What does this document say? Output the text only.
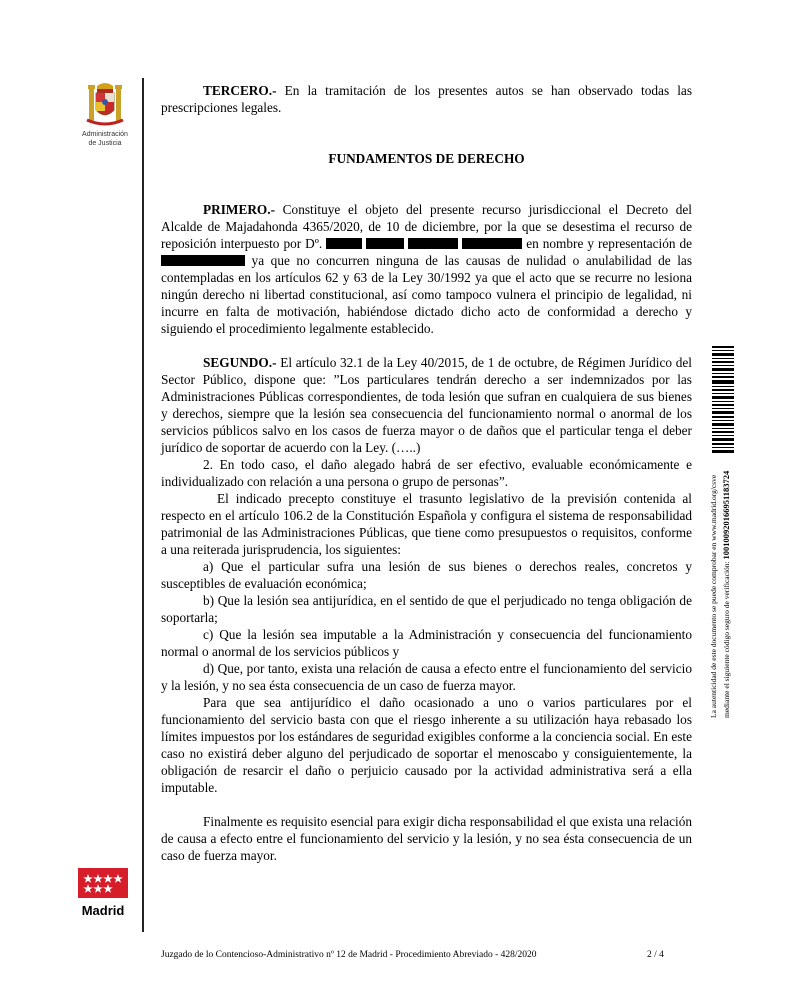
Administración
de Justicia
Madrid

TERCERO.- En la tramitación de los presentes autos se han observado todas las prescripciones legales.

FUNDAMENTOS DE DERECHO

PRIMERO.- Constituye el objeto del presente recurso jurisdiccional el Decreto del Alcalde de Majadahonda 4365/2020, de 10 de diciembre, por la que se desestima el recurso de reposición interpuesto por Dº.	en nombre y representación de  ya que no concurren ninguna de las causas de nulidad o anulabilidad de las contempladas en los artículos 62 y 63 de la Ley 30/1992 ya que el acto que se recurre no lesiona ningún derecho ni libertad constitucional, así como tampoco vulnera el principio de legalidad, ni incurre en falta de motivación, habiéndose dictado dicho acto de conformidad a derecho y siguiendo el procedimiento legalmente establecido.

SEGUNDO.- El artículo 32.1 de la Ley 40/2015, de 1 de octubre, de Régimen Jurídico del Sector Público, dispone que: ”Los particulares tendrán derecho a ser indemnizados por las Administraciones Públicas correspondientes, de toda lesión que sufran en cualquiera de sus bienes y derechos, siempre que la lesión sea consecuencia del funcionamiento normal o anormal de los servicios públicos salvo en los casos de fuerza mayor o de daños que el particular tenga el deber jurídico de soportar de acuerdo con la Ley. (…..)

2. En todo caso, el daño alegado habrá de ser efectivo, evaluable económicamente e individualizado con relación a una persona o grupo de personas”.

El indicado precepto constituye el trasunto legislativo de la previsión contenida al respecto en el artículo 106.2 de la Constitución Española y configura el sistema de responsabilidad patrimonial de las Administraciones Públicas, que tiene como presupuestos o requisitos, conforme a una reiterada jurisprudencia, los siguientes:

a) Que el particular sufra una lesión de sus bienes o derechos reales, concretos y susceptibles de evaluación económica;

b) Que la lesión sea antijurídica, en el sentido de que el perjudicado no tenga obligación de soportarla;

c) Que la lesión sea imputable a la Administración y consecuencia del funcionamiento normal o anormal de los servicios públicos y

d) Que, por tanto, exista una relación de causa a efecto entre el funcionamiento del servicio y la lesión, y no sea ésta consecuencia de un caso de fuerza mayor.

Para que sea antijurídico el daño ocasionado a uno o varios particulares por el funcionamiento del servicio basta con que el riesgo inherente a su utilización haya rebasado los límites impuestos por los estándares de seguridad exigibles conforme a la conciencia social. En este caso no existirá deber alguno del perjudicado de soportar el menoscabo y consiguientemente, la obligación de resarcir el daño o perjuicio causado por la actividad administrativa será a ella imputable.

Finalmente es requisito esencial para exigir dicha responsabilidad el que exista una relación de causa a efecto entre el funcionamiento del servicio y la lesión, y no sea ésta consecuencia de un caso de fuerza mayor.

La autenticidad de este documento se puede comprobar en www.madrid.org/csve mediante el siguiente código seguro de verificación: 1001009201669511837​24
Juzgado de lo Contencioso-Administrativo nº 12 de Madrid - Procedimiento Abreviado - 428/2020	2 / 4
